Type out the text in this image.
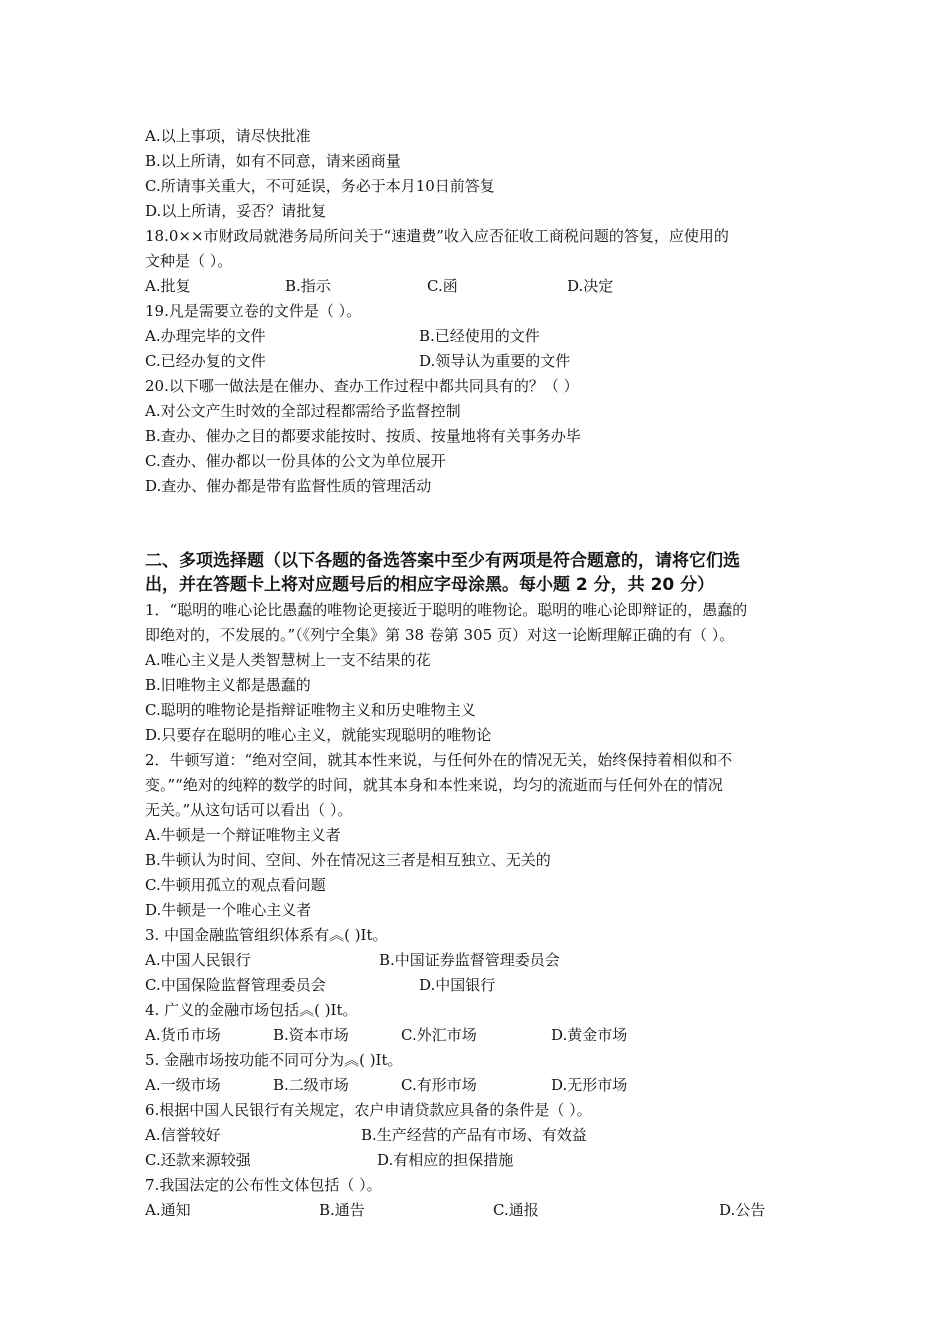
A.以上事项，请尽快批准
B.以上所请，如有不同意，请来函商量
C.所请事关重大，不可延误，务必于本月10日前答复
D.以上所请，妥否？请批复
18.0××市财政局就港务局所问关于“速遣费”收入应否征收工商税问题的答复，应使用的
文种是（ ）。
A.批复	B.指示	C.函	D.决定
19.凡是需要立卷的文件是（ ）。
A.办理完毕的文件	B.已经使用的文件
C.已经办复的文件	D.领导认为重要的文件
20.以下哪一做法是在催办、查办工作过程中都共同具有的？（ ）
A.对公文产生时效的全部过程都需给予监督控制
B.查办、催办之目的都要求能按时、按质、按量地将有关事务办毕
C.查办、催办都以一份具体的公文为单位展开
D.查办、催办都是带有监督性质的管理活动
二、多项选择题（以下各题的备选答案中至少有两项是符合题意的，请将它们选
出，并在答题卡上将对应题号后的相应字母涂黑。每小题 2 分，共 20 分）
1．“聪明的唯心论比愚蠢的唯物论更接近于聪明的唯物论。聪明的唯心论即辩证的，愚蠢的
即绝对的，不发展的。”（《列宁全集》第 38 卷第 305 页）对这一论断理解正确的有（ ）。
A.唯心主义是人类智慧树上一支不结果的花
B.旧唯物主义都是愚蠢的
C.聪明的唯物论是指辩证唯物主义和历史唯物主义
D.只要存在聪明的唯心主义，就能实现聪明的唯物论
2．牛顿写道：“绝对空间，就其本性来说，与任何外在的情况无关，始终保持着相似和不
变。”“绝对的纯粹的数学的时间，就其本身和本性来说，均匀的流逝而与任何外在的情况
无关。”从这句话可以看出（ ）。
A.牛顿是一个辩证唯物主义者
B.牛顿认为时间、空间、外在情况这三者是相互独立、无关的
C.牛顿用孤立的观点看问题
D.牛顿是一个唯心主义者
3. 中国金融监管组织体系有︽( )Ⅰt。
A.中国人民银行	B.中国证券监督管理委员会
C.中国保险监督管理委员会	D.中国银行
4. 广义的金融市场包括︽( )Ⅰt。
A.货币市场	B.资本市场	C.外汇市场	D.黄金市场
5. 金融市场按功能不同可分为︽( )Ⅰt。
A.一级市场	B.二级市场	C.有形市场	D.无形市场
6.根据中国人民银行有关规定，农户申请贷款应具备的条件是（ ）。
A.信誉较好	B.生产经营的产品有市场、有效益
C.还款来源较强	D.有相应的担保措施
7.我国法定的公布性文体包括（ ）。
A.通知	B.通告	C.通报	D.公告
